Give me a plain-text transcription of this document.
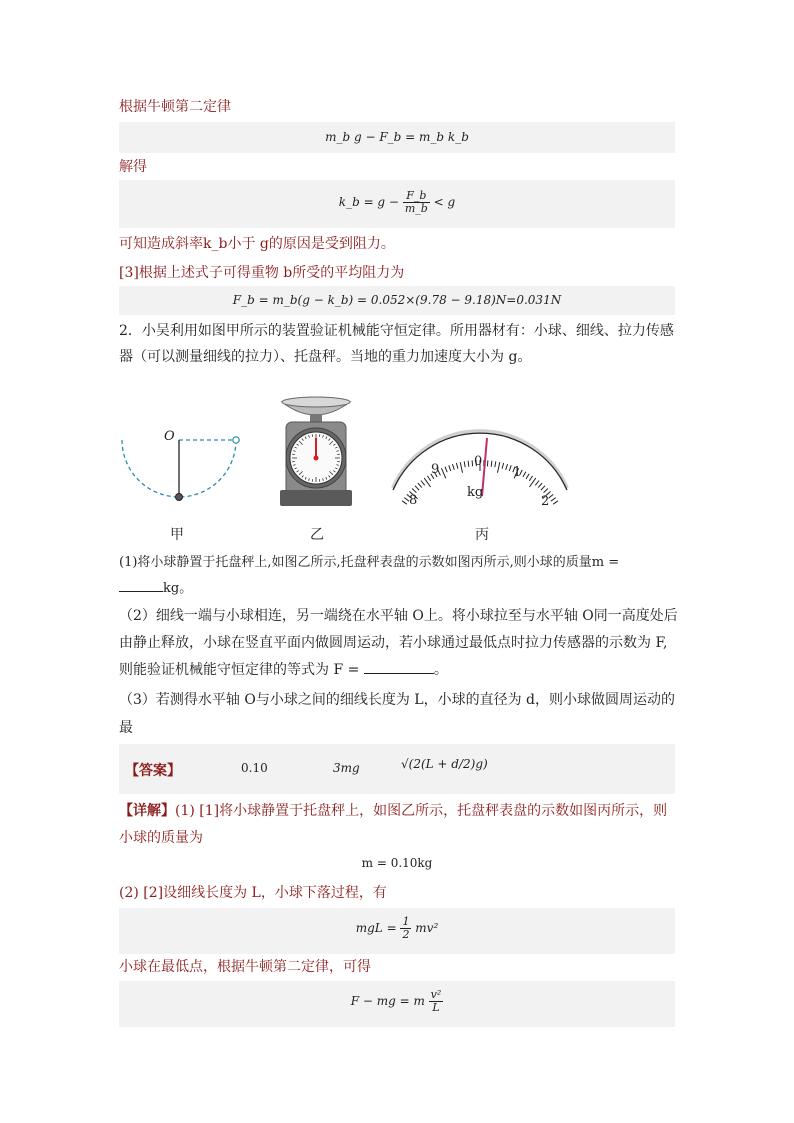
根据牛顿第二定律
m_b g − F_b = m_b k_b
解得
k_b = $g - \frac{F\_b}{m\_b} < g$
可知造成斜率k_b小于 g的原因是受到阻力。
[3]根据上述式子可得重物 b所受的平均阻力为
F_b = m_b(g − k_b) = 0.052×(9.78 − 9.18)N=0.031N
2．小吴利用如图甲所示的装置验证机械能守恒定律。所用器材有：小球、细线、拉力传感
器（可以测量细线的拉力）、托盘秤。当地的重力加速度大小为 g。
O
9
0
1
8	2
kg
甲	乙	丙
(1)将小球静置于托盘秤上,如图乙所示,托盘秤表盘的示数如图丙所示,则小球的质量m =
kg。
（2）细线一端与小球相连，另一端绕在水平轴 O上。将小球拉至与水平轴 O同一高度处后
由静止释放，小球在竖直平面内做圆周运动，若小球通过最低点时拉力传感器的示数为 F,
则能验证机械能守恒定律的等式为 F =	。
（3）若测得水平轴 O与小球之间的细线长度为 L，小球的直径为 d，则小球做圆周运动的最
【答案】	0.10	3mg	√(2(L + d/2)g)
【详解】(1) [1]将小球静置于托盘秤上，如图乙所示，托盘秤表盘的示数如图丙所示，则
小球的质量为
m = 0.10kg
(2) [2]设细线长度为 L，小球下落过程，有
mgL = $\frac{1}{2} mv^2$
小球在最低点，根据牛顿第二定律，可得
F − mg = m $\frac{\text{v²}}{L}$
